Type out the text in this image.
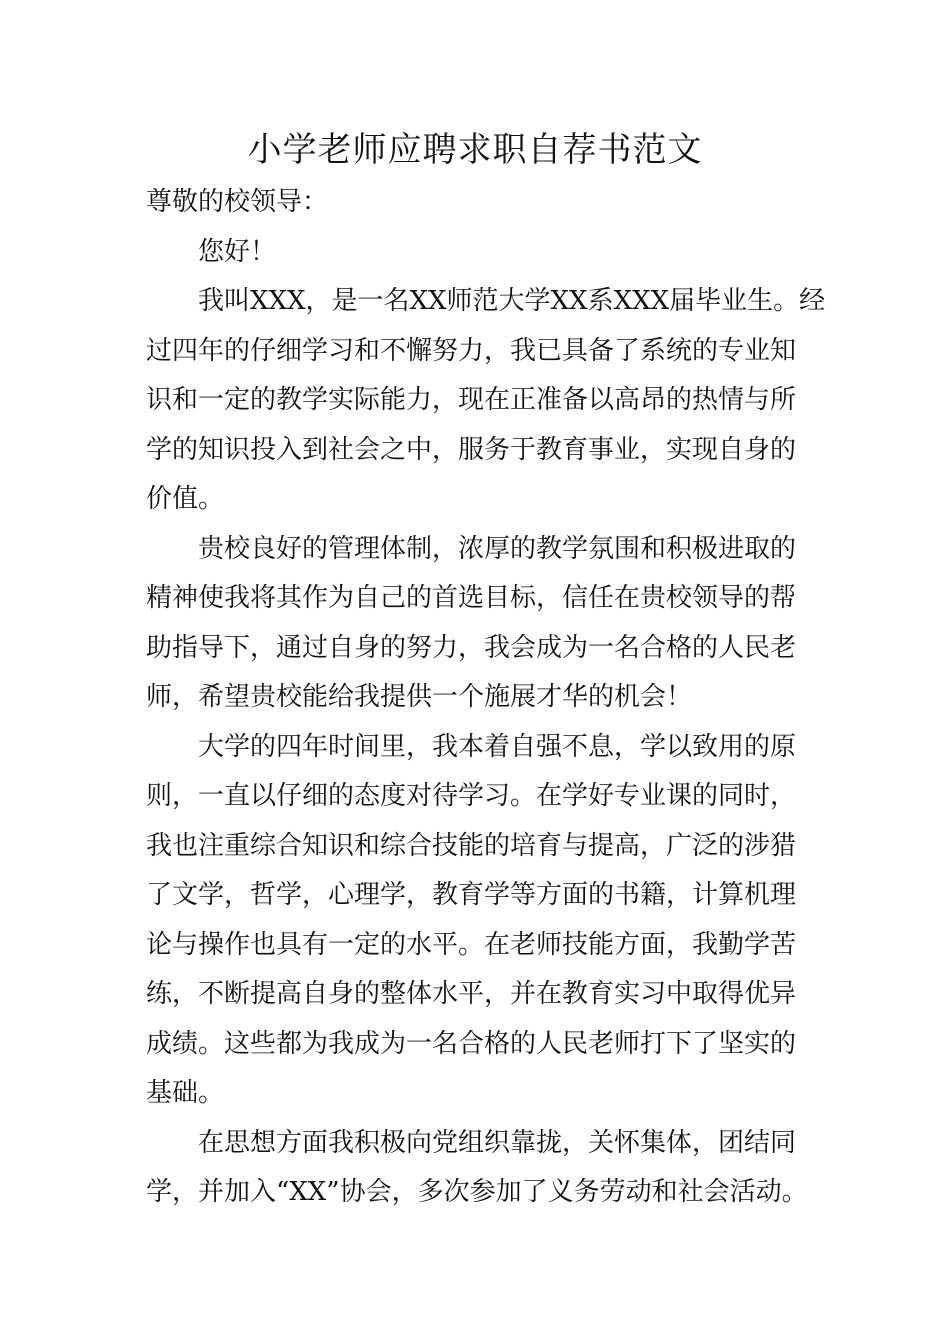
小学老师应聘求职自荐书范文
尊敬的校领导：
您好！
我叫XXX，是一名XX师范大学XX系XXX届毕业生。经
过四年的仔细学习和不懈努力，我已具备了系统的专业知
识和一定的教学实际能力，现在正准备以高昂的热情与所
学的知识投入到社会之中，服务于教育事业，实现自身的
价值。
贵校良好的管理体制，浓厚的教学氛围和积极进取的
精神使我将其作为自己的首选目标，信任在贵校领导的帮
助指导下，通过自身的努力，我会成为一名合格的人民老
师，希望贵校能给我提供一个施展才华的机会！
大学的四年时间里，我本着自强不息，学以致用的原
则，一直以仔细的态度对待学习。在学好专业课的同时，
我也注重综合知识和综合技能的培育与提高，广泛的涉猎
了文学，哲学，心理学，教育学等方面的书籍，计算机理
论与操作也具有一定的水平。在老师技能方面，我勤学苦
练，不断提高自身的整体水平，并在教育实习中取得优异
成绩。这些都为我成为一名合格的人民老师打下了坚实的
基础。
在思想方面我积极向党组织靠拢，关怀集体，团结同
学，并加入“XX”协会，多次参加了义务劳动和社会活动。
